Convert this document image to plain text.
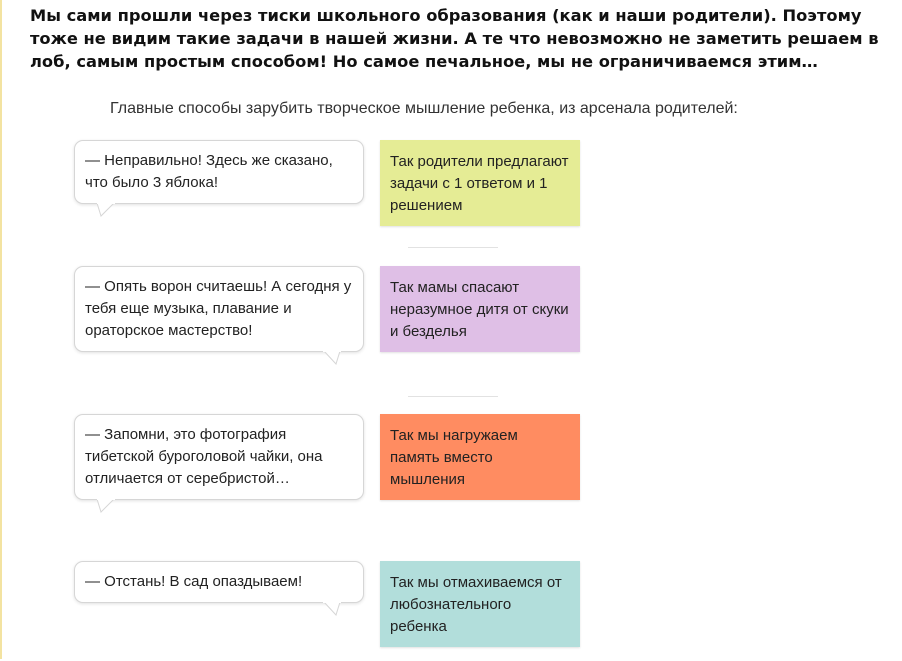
Мы сами прошли через тиски школьного образования (как и наши родители). Поэтому тоже не видим такие задачи в нашей жизни. А те что невозможно не заметить решаем в лоб, самым простым способом! Но самое печальное, мы не ограничиваемся этим…
Главные способы зарубить творческое мышление ребенка, из арсенала родителей:
— Неправильно! Здесь же сказано, что было 3 яблока!
Так родители предлагают задачи с 1 ответом и 1 решением
— Опять ворон считаешь! А сегодня у тебя еще музыка, плавание и ораторское мастерство!
Так мамы спасают неразумное дитя от скуки и безделья
— Запомни, это фотография тибетской буроголовой чайки, она отличается от серебристой…
Так мы нагружаем память вместо мышления
— Отстань! В сад опаздываем!	Так мы отмахиваемся от любознательного ребенка
